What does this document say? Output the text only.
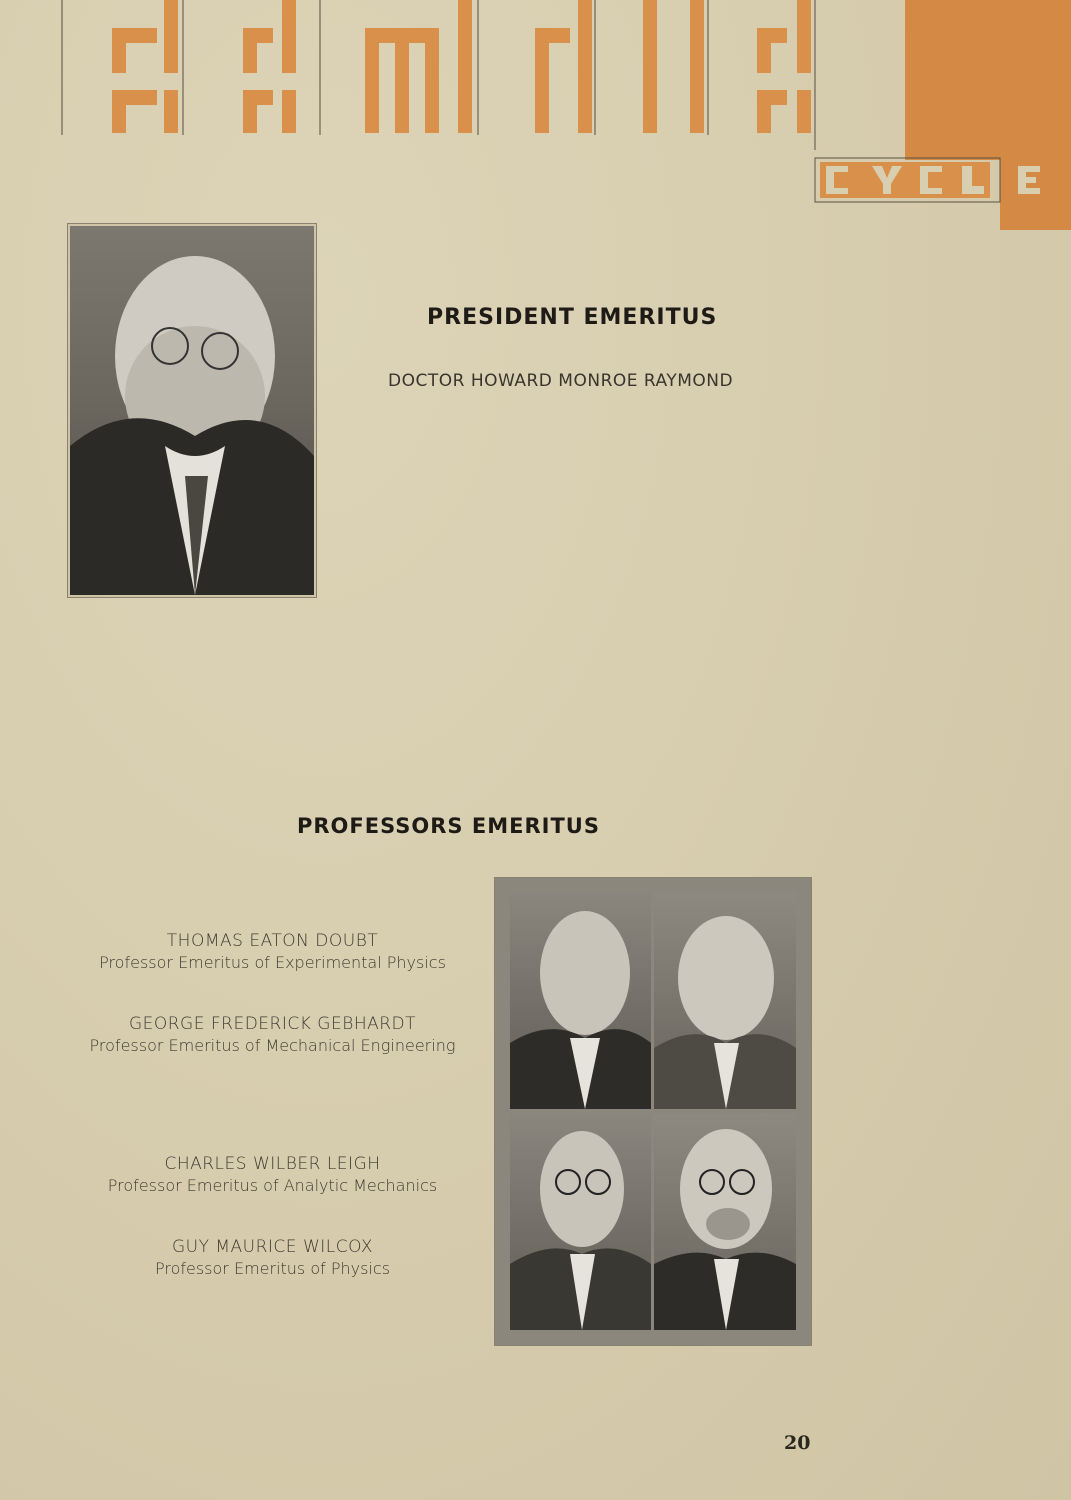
PRESIDENT EMERITUS
DOCTOR HOWARD MONROE RAYMOND
PROFESSORS EMERITUS
THOMAS EATON DOUBT
Professor Emeritus of Experimental Physics
GEORGE FREDERICK GEBHARDT
Professor Emeritus of Mechanical Engineering
CHARLES WILBER LEIGH
Professor Emeritus of Analytic Mechanics
GUY MAURICE WILCOX
Professor Emeritus of Physics
20
